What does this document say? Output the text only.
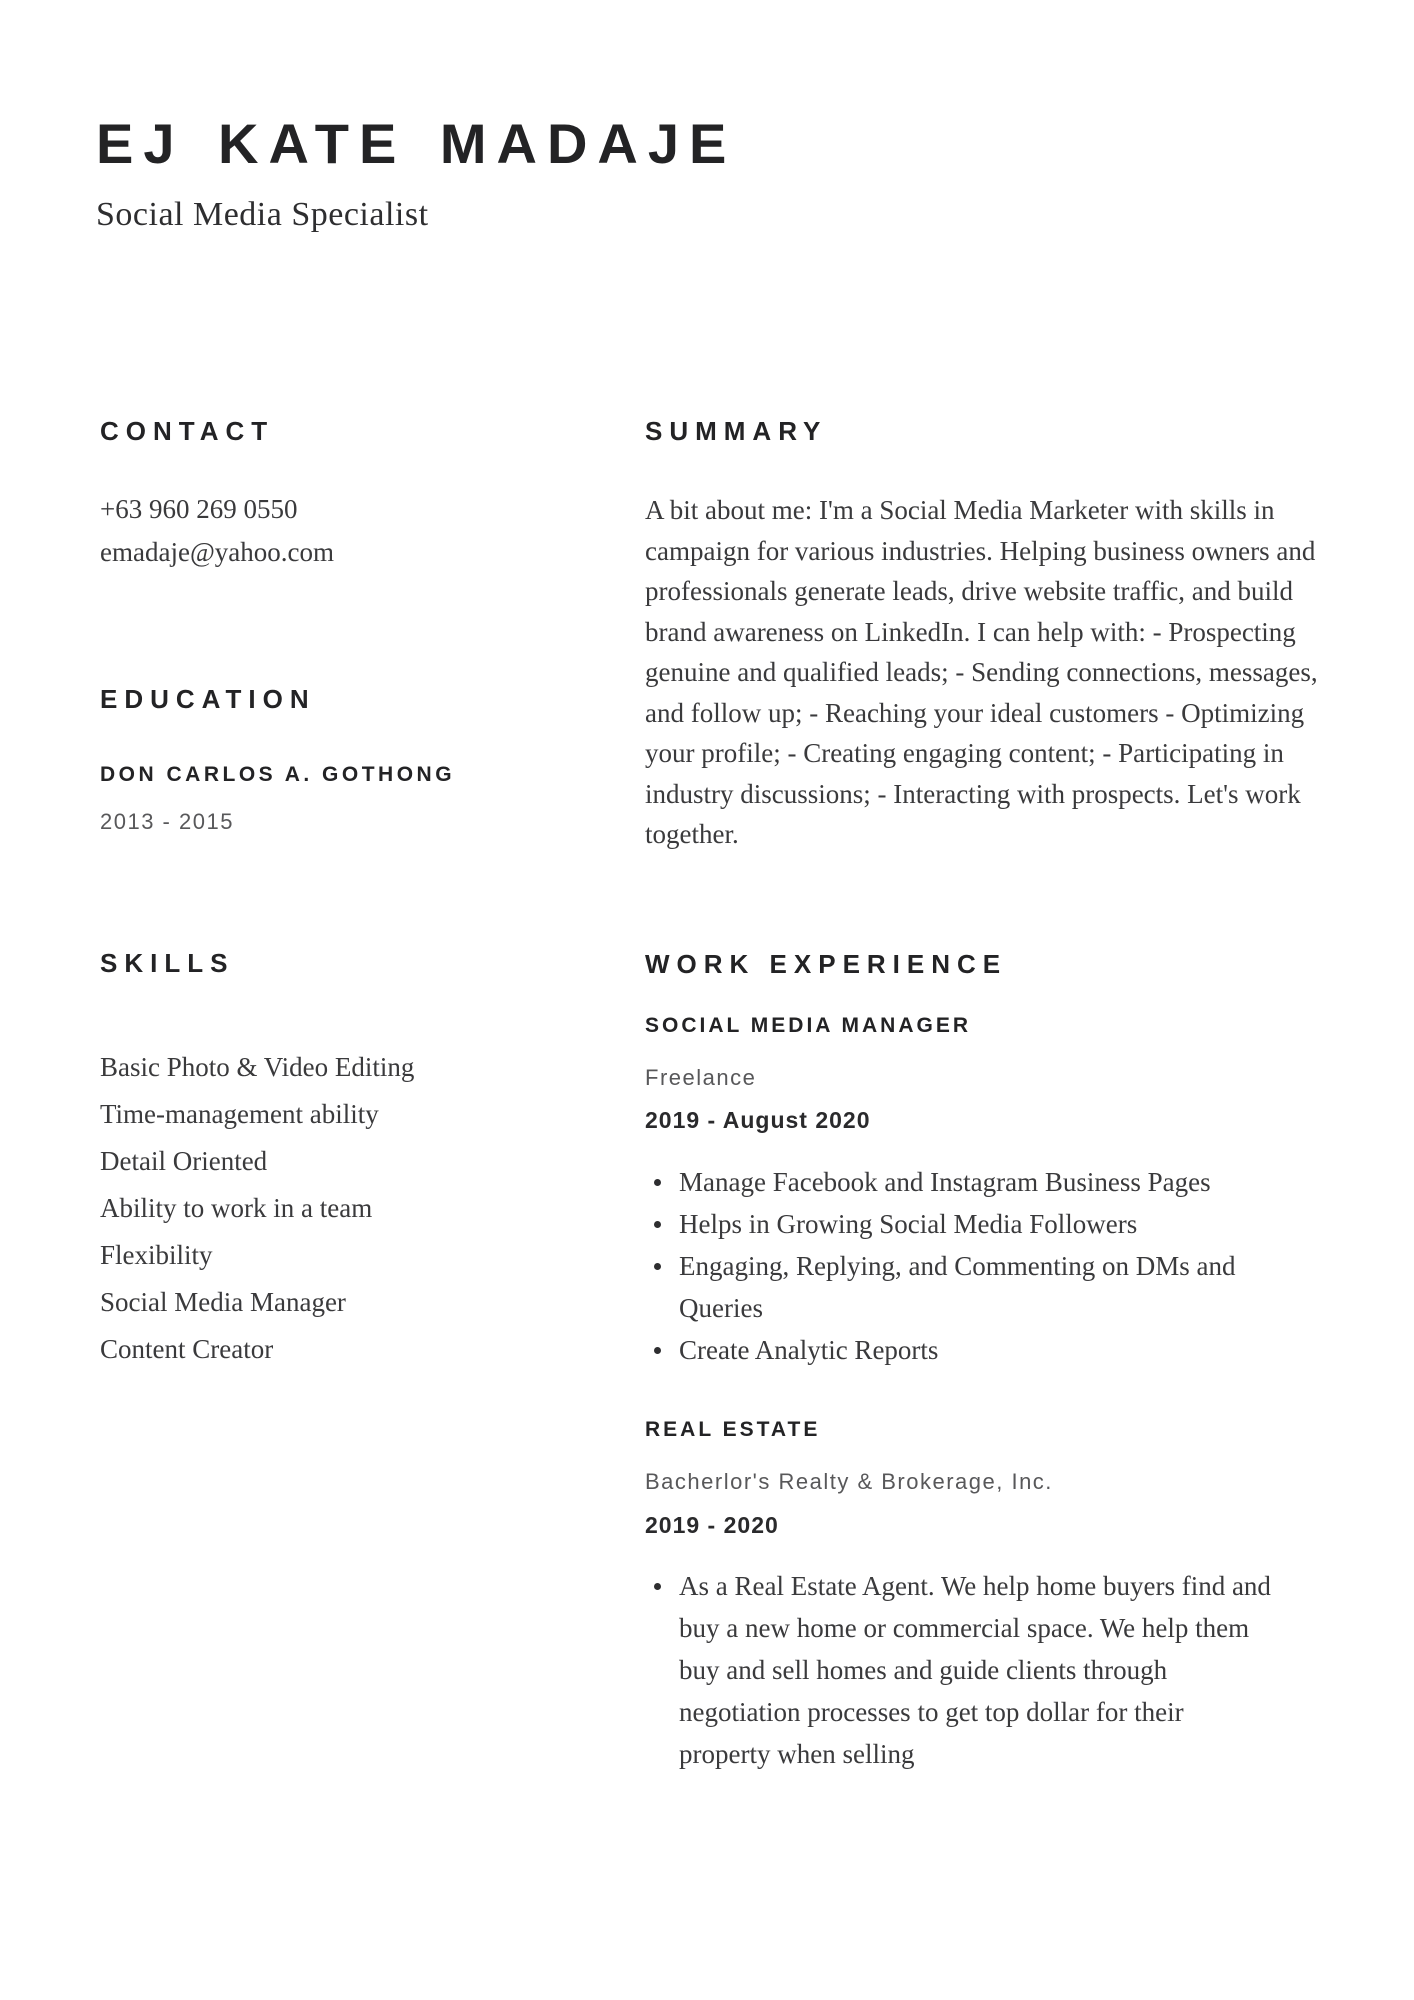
EJ KATE MADAJE
Social Media Specialist
CONTACT
+63 960 269 0550
emadaje@yahoo.com
EDUCATION
DON CARLOS A. GOTHONG
2013 - 2015
SKILLS
Basic Photo & Video Editing
Time-management ability
Detail Oriented
Ability to work in a team
Flexibility
Social Media Manager
Content Creator
SUMMARY

A bit about me: I'm a Social Media Marketer with skills in campaign for various industries. Helping business owners and professionals generate leads, drive website traffic, and build brand awareness on LinkedIn. I can help with: - Prospecting genuine and qualified leads; - Sending connections, messages, and follow up; - Reaching your ideal customers - Optimizing your profile; - Creating engaging content; - Participating in industry discussions; - Interacting with prospects. Let's work together.

WORK EXPERIENCE
SOCIAL MEDIA MANAGER
Freelance
2019 - August 2020
Manage Facebook and Instagram Business Pages
Helps in Growing Social Media Followers
Engaging, Replying, and Commenting on DMs and Queries
Create Analytic Reports
REAL ESTATE
Bacherlor's Realty & Brokerage, Inc.
2019 - 2020
As a Real Estate Agent. We help home buyers find and buy a new home or commercial space. We help them buy and sell homes and guide clients through negotiation processes to get top dollar for their property when selling
